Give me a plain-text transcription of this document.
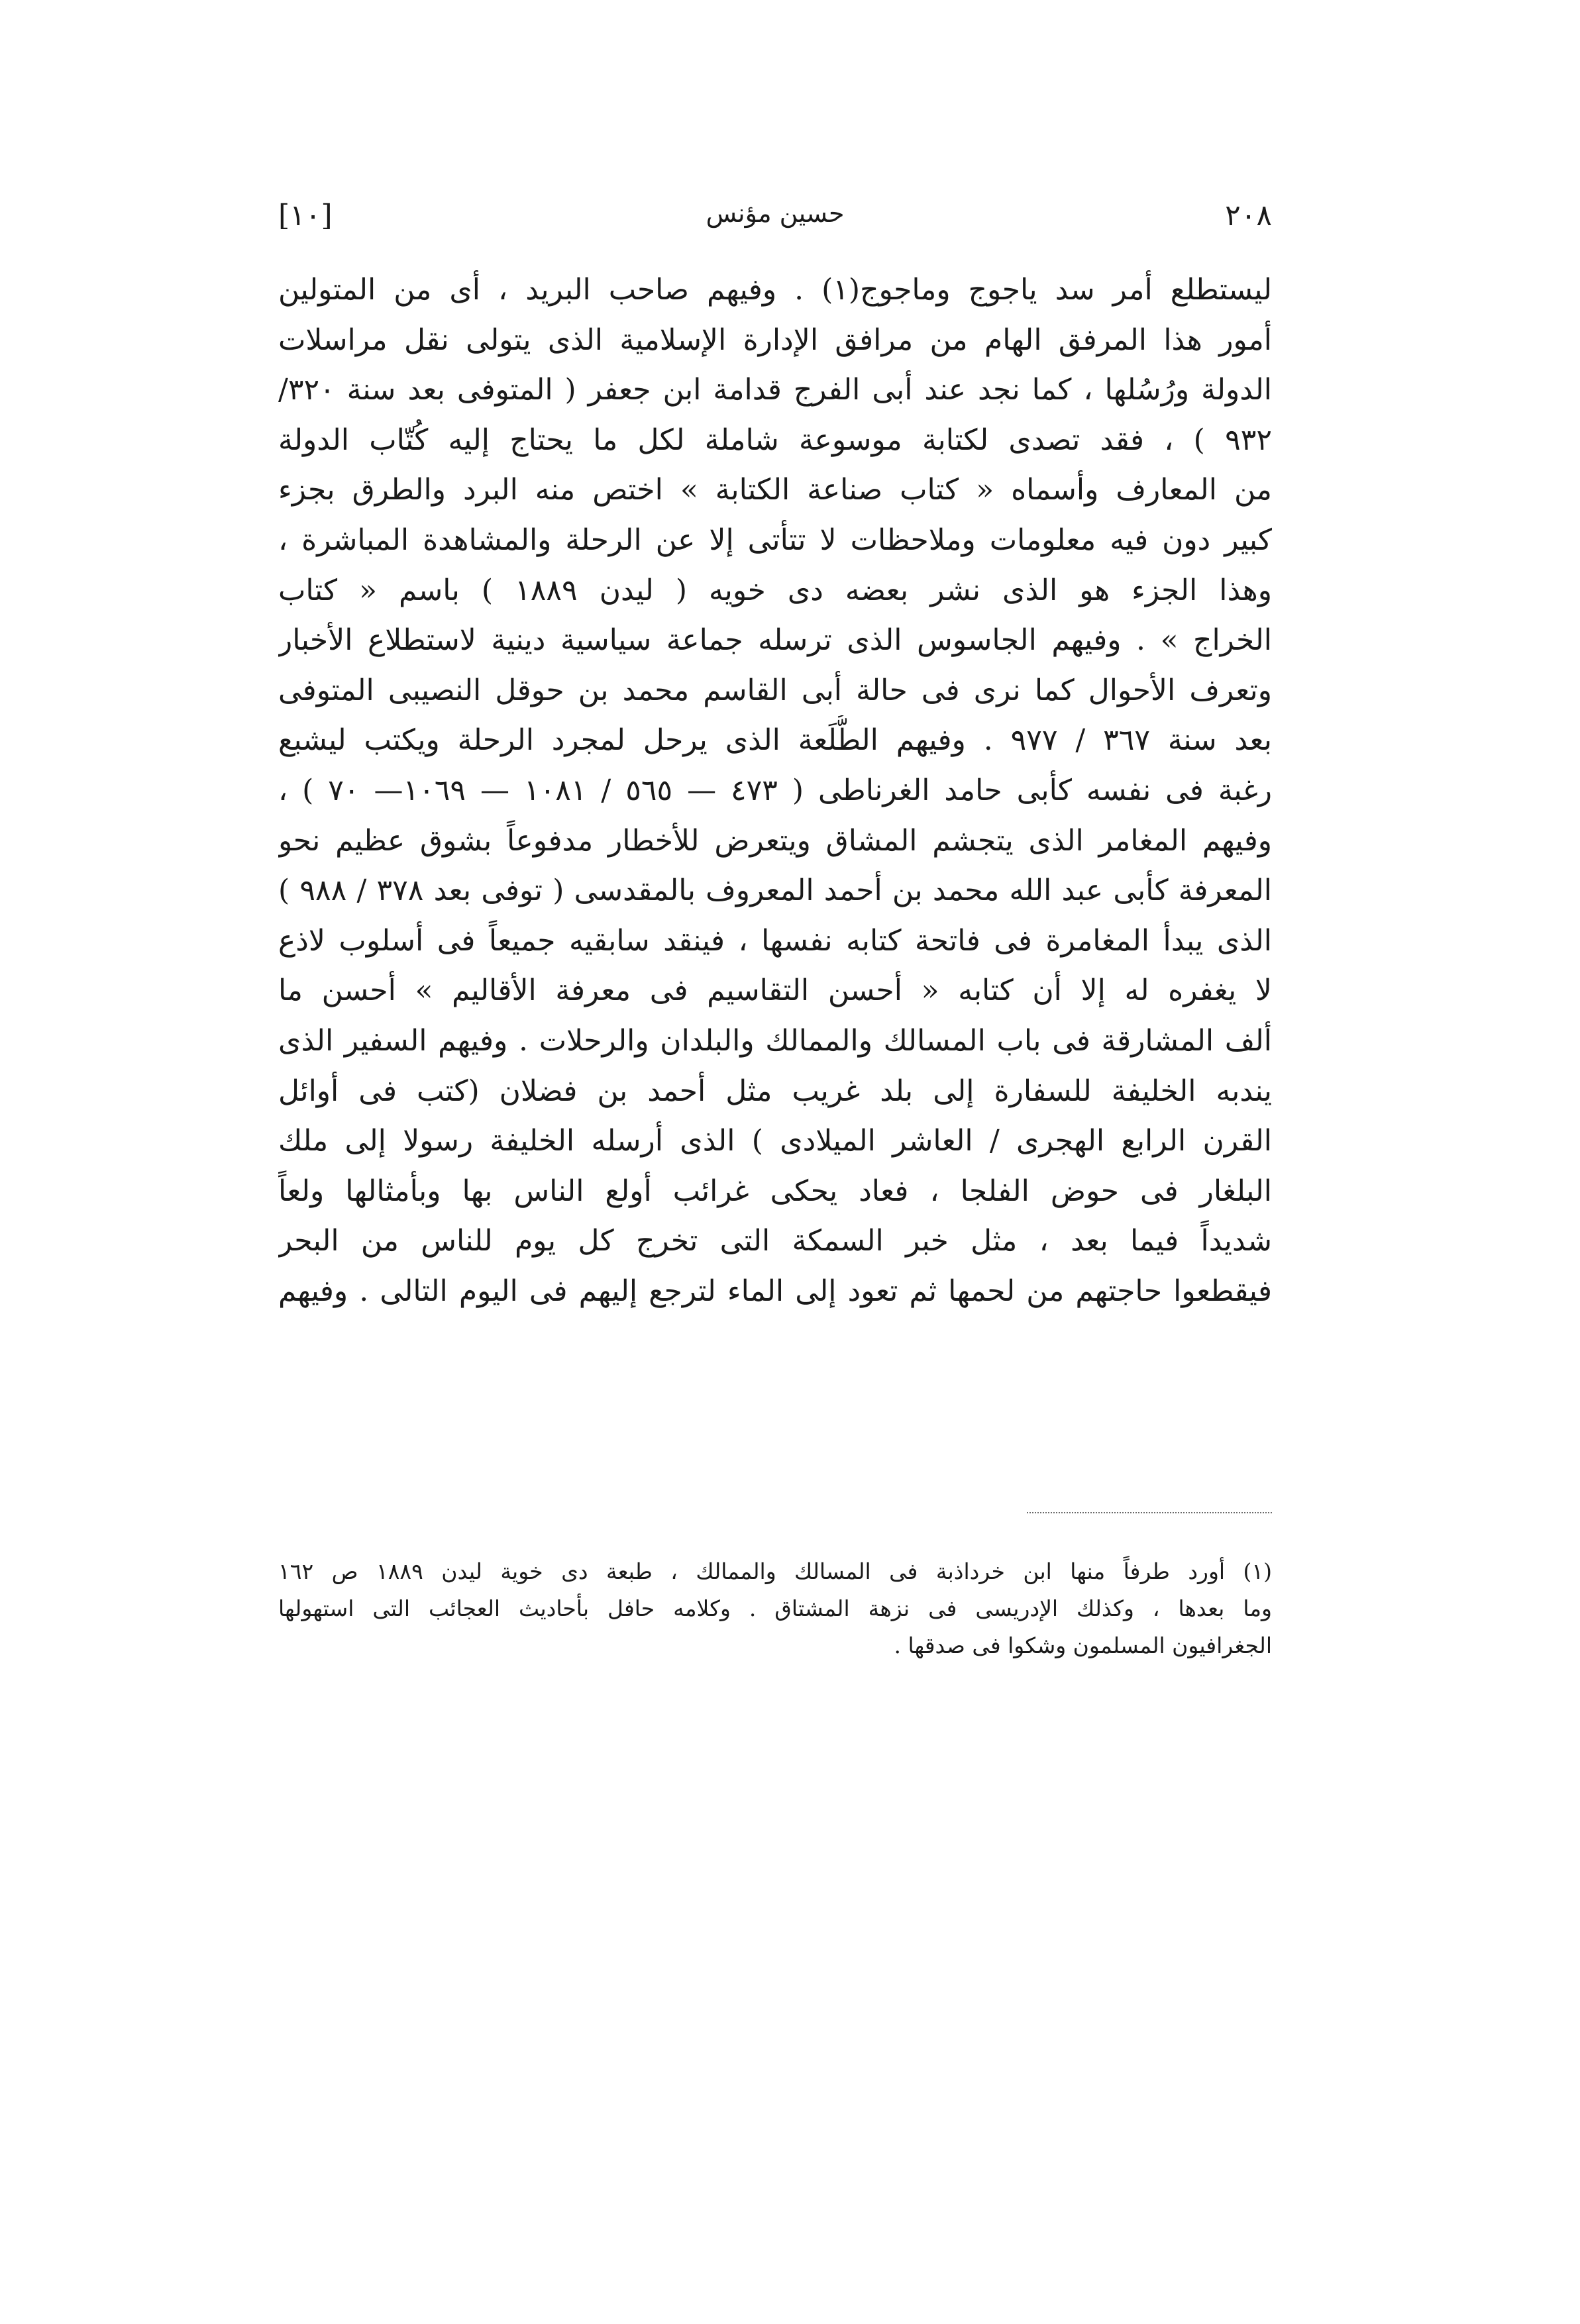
٢٠٨
حسين مؤنس
[١٠]
ليستطلع أمر سد ياجوج وماجوج(١) . وفيهم صاحب البريد ، أى من المتولين
أمور هذا المرفق الهام من مرافق الإدارة الإسلامية الذى يتولى نقل مراسلات
الدولة ورُسُلها ، كما نجد عند أبى الفرج قدامة ابن جعفر ( المتوفى بعد سنة ٣٢٠/
٩٣٢ ) ، فقد تصدى لكتابة موسوعة شاملة لكل ما يحتاج إليه كُتّاب الدولة
من المعارف وأسماه « كتاب صناعة الكتابة » اختص منه البرد والطرق بجزء
كبير دون فيه معلومات وملاحظات لا تتأتى إلا عن الرحلة والمشاهدة المباشرة ،
وهذا الجزء هو الذى نشر بعضه دى خويه ( ليدن ١٨٨٩ ) باسم « كتاب
الخراج » . وفيهم الجاسوس الذى ترسله جماعة سياسية دينية لاستطلاع الأخبار
وتعرف الأحوال كما نرى فى حالة أبى القاسم محمد بن حوقل النصيبى المتوفى
بعد سنة ٣٦٧ / ٩٧٧ . وفيهم الطُّلَعة الذى يرحل لمجرد الرحلة ويكتب ليشبع
رغبة فى نفسه كأبى حامد الغرناطى ( ٤٧٣ — ٥٦٥ / ١٠٨١ — ١٠٦٩— ٧٠ ) ،
وفيهم المغامر الذى يتجشم المشاق ويتعرض للأخطار مدفوعاً بشوق عظيم نحو
المعرفة كأبى عبد الله محمد بن أحمد المعروف بالمقدسى ( توفى بعد ٣٧٨ / ٩٨٨ )
الذى يبدأ المغامرة فى فاتحة كتابه نفسها ، فينقد سابقيه جميعاً فى أسلوب لاذع
لا يغفره له إلا أن كتابه « أحسن التقاسيم فى معرفة الأقاليم » أحسن ما
ألف المشارقة فى باب المسالك والممالك والبلدان والرحلات . وفيهم السفير الذى
يندبه الخليفة للسفارة إلى بلد غريب مثل أحمد بن فضلان (كتب فى أوائل
القرن الرابع الهجرى / العاشر الميلادى ) الذى أرسله الخليفة رسولا إلى ملك
البلغار فى حوض الفلجا ، فعاد يحكى غرائب أولع الناس بها وبأمثالها ولعاً
شديداً فيما بعد ، مثل خبر السمكة التى تخرج كل يوم للناس من البحر
فيقطعوا حاجتهم من لحمها ثم تعود إلى الماء لترجع إليهم فى اليوم التالى . وفيهم
(١) أورد طرفاً منها ابن خرداذبة فى المسالك والممالك ، طبعة دى خوية ليدن ١٨٨٩ ص ١٦٢
وما بعدها ، وكذلك الإدريسى فى نزهة المشتاق . وكلامه حافل بأحاديث العجائب التى استهولها
الجغرافيون المسلمون وشكوا فى صدقها .
